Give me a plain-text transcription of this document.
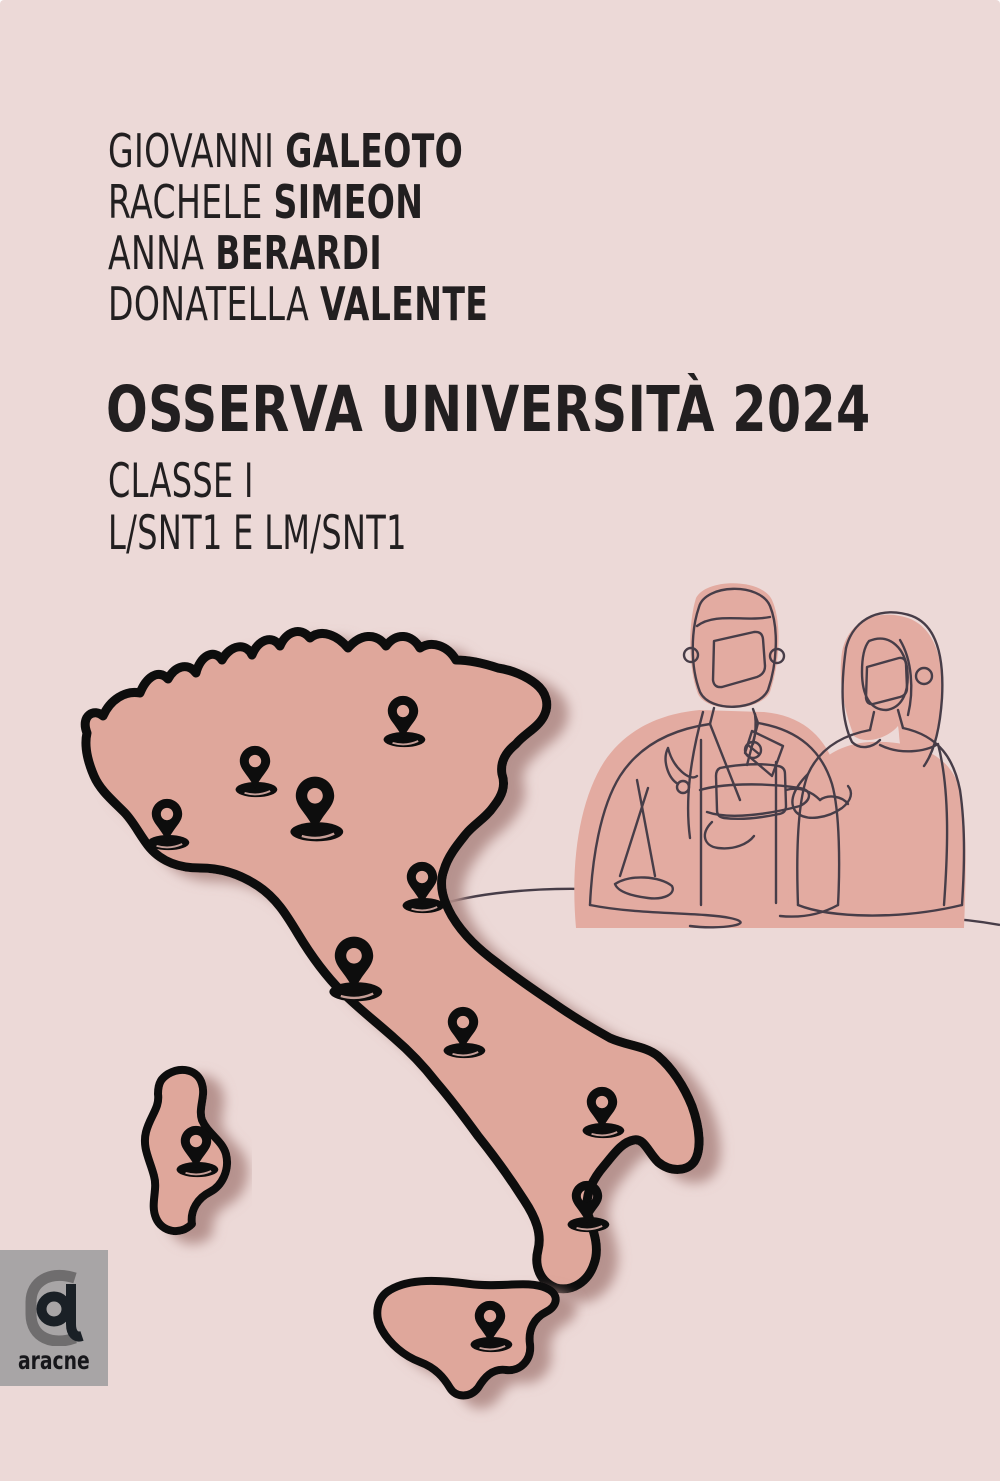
GIOVANNI GALEOTO
RACHELE SIMEON
ANNA BERARDI
DONATELLA VALENTE
OSSERVA UNIVERSITÀ 2024
CLASSE I
L/SNT1 E LM/SNT1
aracne
